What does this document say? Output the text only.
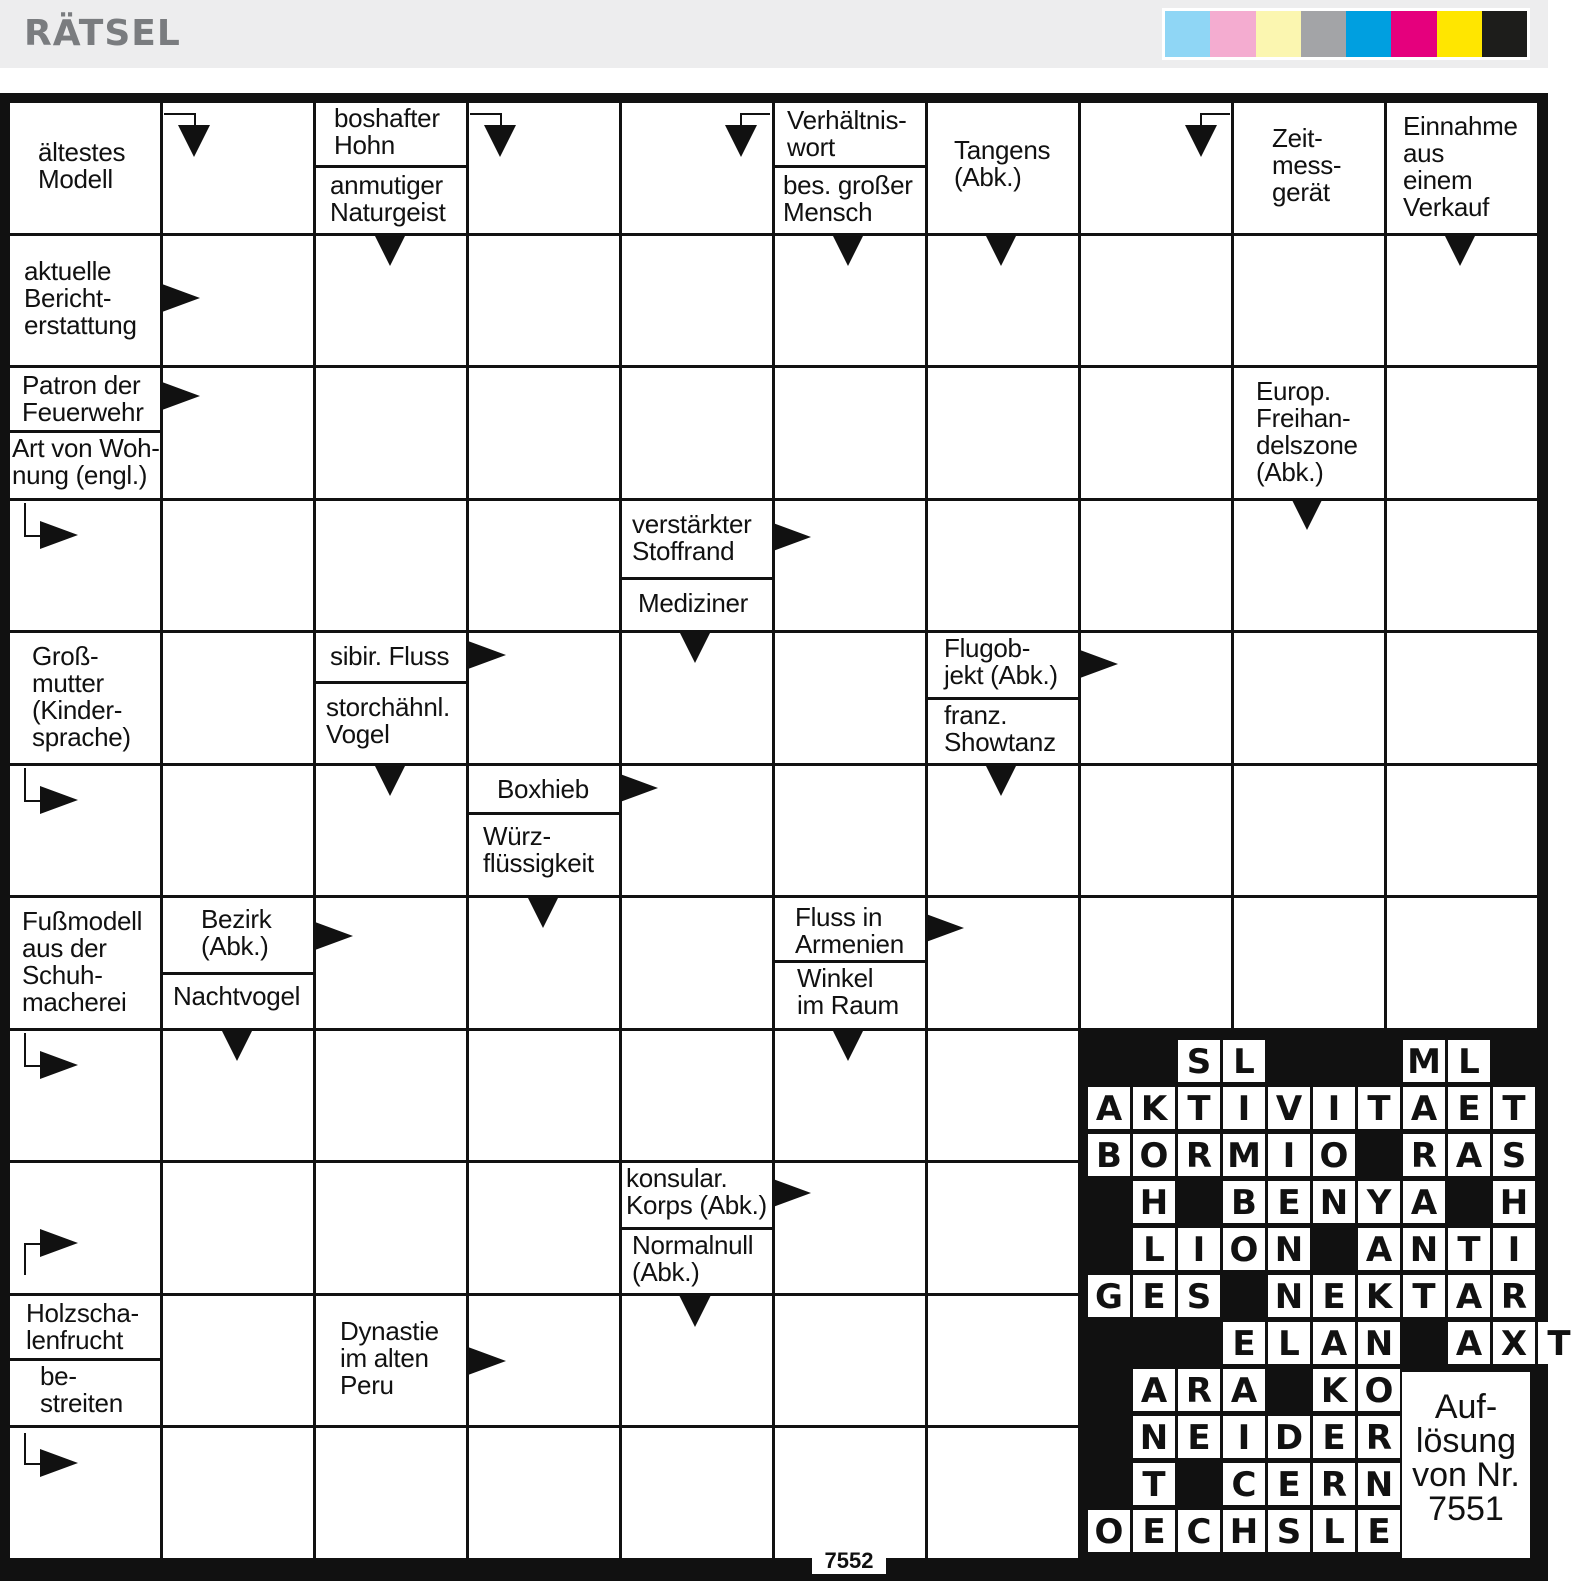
RÄTSEL
ältestes
Modell
boshafter
Hohn
anmutiger
Naturgeist
Verhältnis-
wort
bes. großer
Mensch
Tangens
(Abk.)
Zeit-
mess-
gerät
Einnahme
aus
einem
Verkauf
aktuelle
Bericht-
erstattung
Patron der
Feuerwehr
Art von Woh-
nung (engl.)
Europ.
Freihan-
delszone
(Abk.)
verstärkter
Stoffrand
Mediziner
Groß-
mutter
(Kinder-
sprache)
sibir. Fluss
storchähnl.
Vogel
Flugob-
jekt (Abk.)
franz.
Showtanz
Boxhieb
Würz-
flüssigkeit
Fußmodell
aus der
Schuh-
macherei
Bezirk
(Abk.)
Nachtvogel
Fluss in
Armenien
Winkel
im Raum
konsular.
Korps (Abk.)
Normalnull
(Abk.)
Holzscha-
lenfrucht
be-
streiten
Dynastie
im alten
Peru
S L	M L
A K T I V I T A E T
B O R M I O R A S
H B E N Y A H
L I O N A N T I
G E S N E K T A R
E L A N A X T
A R A K O
N E I D E R
T C E R N
O E C H S L E
Auf-
lösung
von Nr.
7551
7552
